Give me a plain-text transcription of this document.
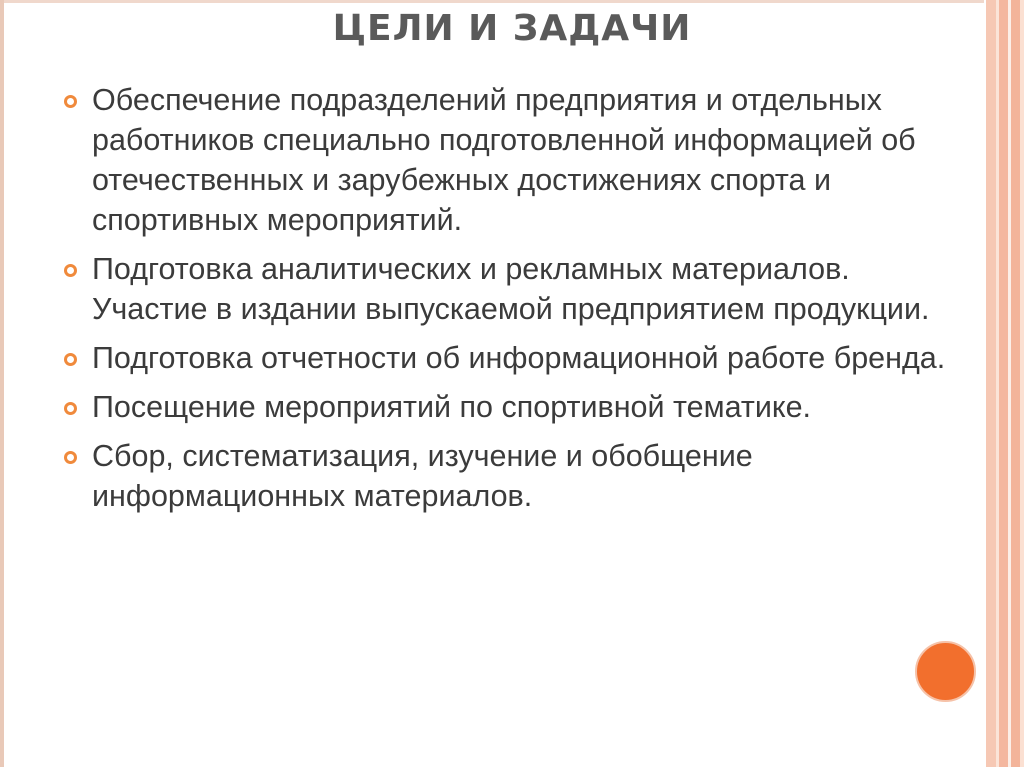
ЦЕЛИ И ЗАДАЧИ
Обеспечение подразделений предприятия и отдельных работников специально подготовленной информацией об отечественных и зарубежных достижениях спорта и спортивных мероприятий.
Подготовка аналитических и рекламных материалов. Участие в издании выпускаемой предприятием продукции.
Подготовка отчетности об информационной работе бренда.
Посещение мероприятий по спортивной тематике.
Сбор, систематизация, изучение и обобщение информационных материалов.
